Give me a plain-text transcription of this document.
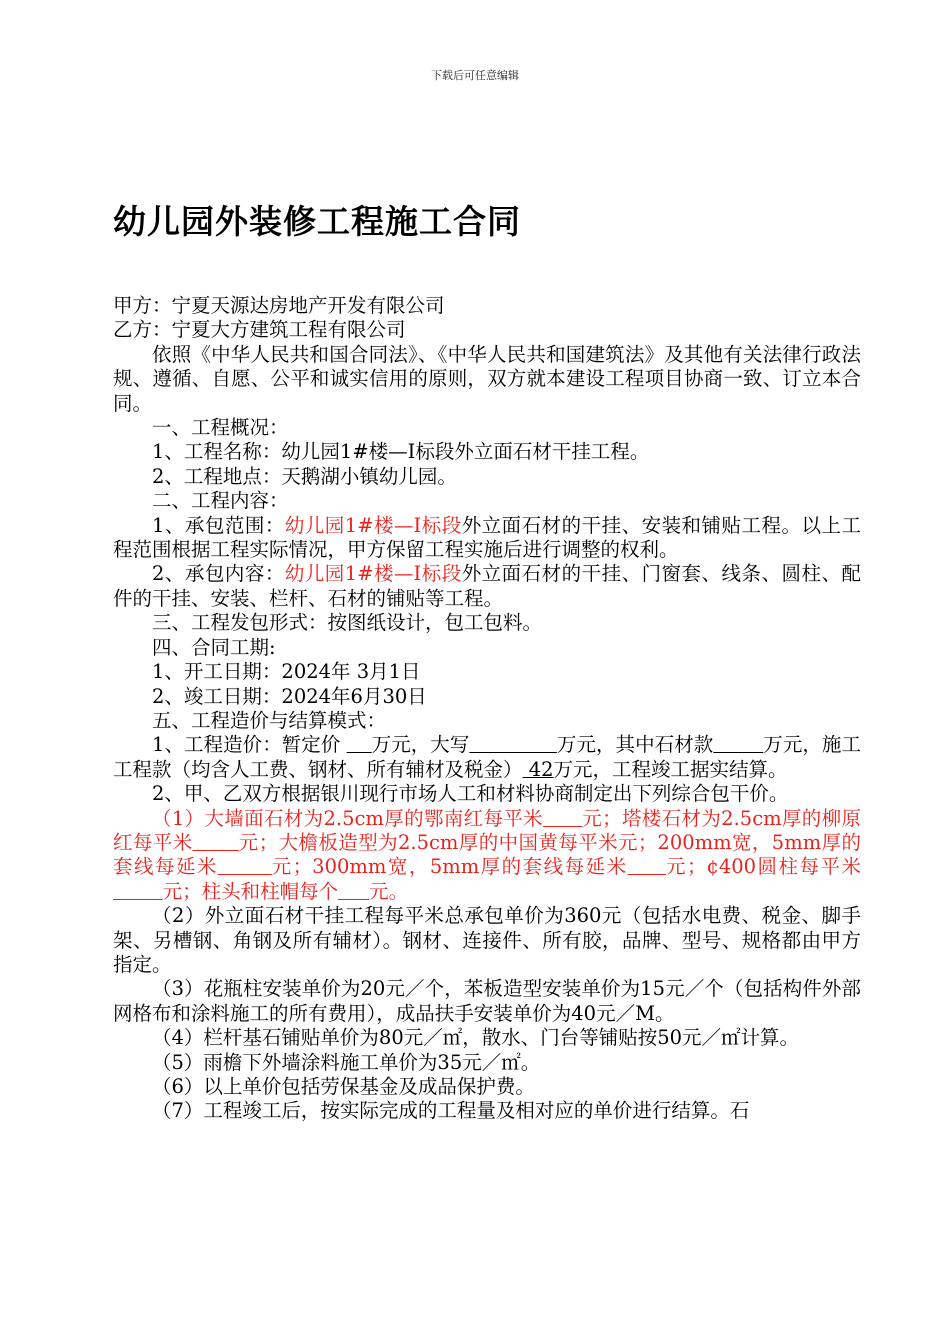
下载后可任意编辑
幼儿园外装修工程施工合同

甲方：宁夏天源达房地产开发有限公司

乙方：宁夏大方建筑工程有限公司

依照《中华人民共和国合同法》、《中华人民共和国建筑法》及其他有关法律行政法规、遵循、自愿、公平和诚实信用的原则，双方就本建设工程项目协商一致、订立本合同。

一、工程概况：

1、工程名称：幼儿园1#楼—I标段外立面石材干挂工程。

2、工程地点：天鹅湖小镇幼儿园。

二、工程内容：

1、承包范围：幼儿园1#楼—I标段外立面石材的干挂、安装和铺贴工程。以上工程范围根据工程实际情况，甲方保留工程实施后进行调整的权利。

2、承包内容：幼儿园1#楼—I标段外立面石材的干挂、门窗套、线条、圆柱、配件的干挂、安装、栏杆、石材的铺贴等工程。

三、工程发包形式：按图纸设计，包工包料。

四、合同工期:

1、开工日期：2024年 3月1日

2、竣工日期：2024年6月30日

五、工程造价与结算模式：

1、工程造价：暂定价     万元，大写	万元，其中石材款	万元，施工工程款（均含人工费、钢材、所有辅材及税金） 42万元，工程竣工据实结算。

2、甲、乙双方根据银川现行市场人工和材料协商制定出下列综合包干价。

（1）大墙面石材为2.5cm厚的鄂南红每平米 元；塔楼石材为2.5cm厚的柳原红每平米 元；大檐板造型为2.5cm厚的中国黄每平米元；200mm宽，5mm厚的套线每延米	元；300mm宽，5mm厚的套线每延米 元；¢400圆柱每平米        元；柱头和柱帽每个 元。

（2）外立面石材干挂工程每平米总承包单价为360元（包括水电费、税金、脚手架、另槽钢、角钢及所有辅材）。钢材、连接件、所有胶，品牌、型号、规格都由甲方指定。

（3）花瓶柱安装单价为20元／个，苯板造型安装单价为15元／个（包括构件外部网格布和涂料施工的所有费用），成品扶手安装单价为40元／M。

（4）栏杆基石铺贴单价为80元／㎡，散水、门台等铺贴按50元／㎡计算。

（5）雨檐下外墙涂料施工单价为35元／㎡。

（6）以上单价包括劳保基金及成品保护费。

（7）工程竣工后，按实际完成的工程量及相对应的单价进行结算。石
